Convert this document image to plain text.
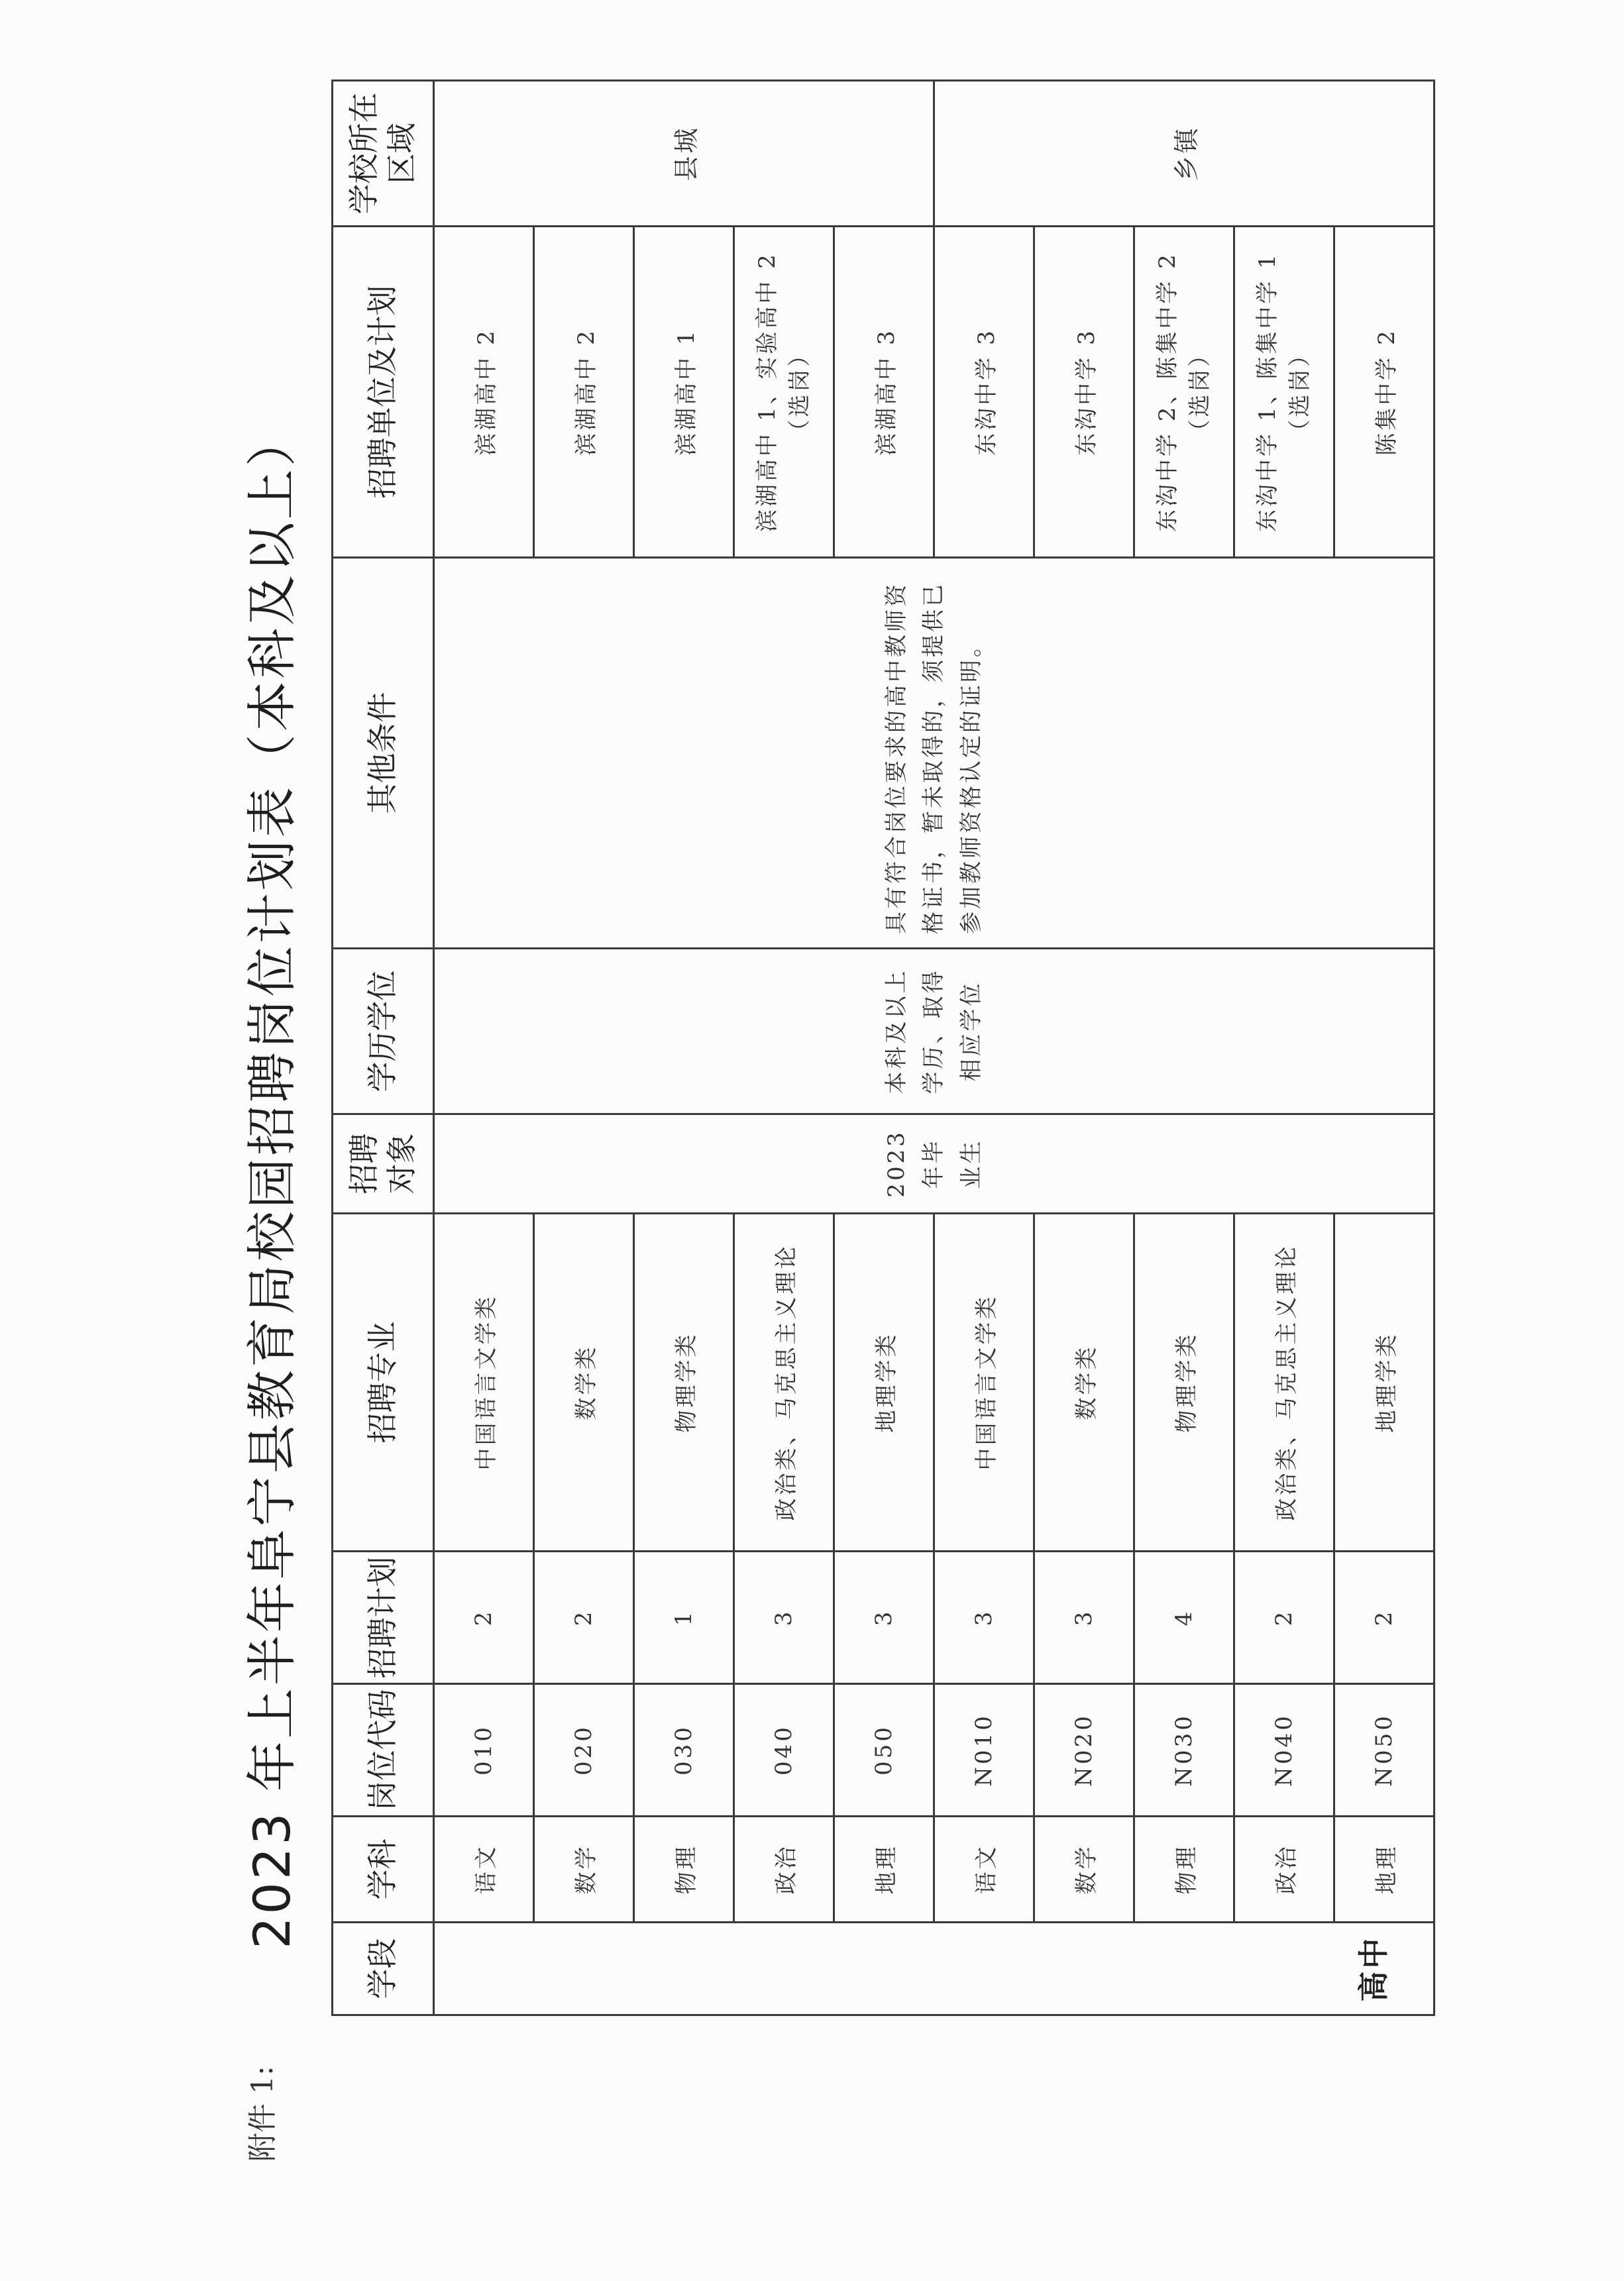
附件 1:
2023 年上半年阜宁县教育局校园招聘岗位计划表（本科及以上）
学段	学科	岗位代码	招聘计划	招聘专业	招聘对象	学历学位	其他条件	招聘单位及计划	学校所在区域
高中	语文	010	2	中国语言文学类	2023年毕业生	本科及以上学历、取得相应学位	具有符合岗位要求的高中教师资格证书，暂未取得的，须提供已参加教师资格认定的证明。	滨湖高中 2	县城
	数学	020	2	数学类				滨湖高中 2	
	物理	030	1	物理学类				滨湖高中 1	
	政治	040	3	政治类、马克思主义理论				滨湖高中 1、实验高中 2（选岗）	
	地理	050	3	地理学类				滨湖高中 3	
	语文	N010	3	中国语言文学类				东沟中学 3	乡镇
	数学	N020	3	数学类				东沟中学 3	
	物理	N030	4	物理学类				东沟中学 2、陈集中学 2（选岗）	
	政治	N040	2	政治类、马克思主义理论				东沟中学 1、陈集中学 1（选岗）	
	地理	N050	2	地理学类				陈集中学 2	
